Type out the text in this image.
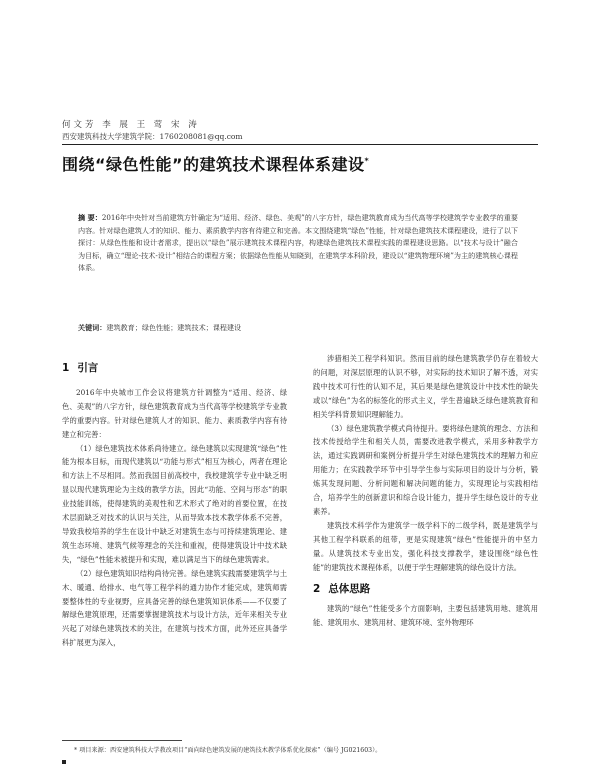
何文芳 李 展 王 莺 宋 涛
西安建筑科技大学建筑学院：1760208081@qq.com
围绕“绿色性能”的建筑技术课程体系建设*
摘 要：2016年中央针对当前建筑方针确定为“适用、经济、绿色、美观”的八字方针，绿色建筑教育成为当代高等学校建筑学专业教学的重要内容。针对绿色建筑人才的知识、能力、素质教学内容有待建立和完善。本文围绕建筑“绿色”性能，针对绿色建筑技术课程建设，进行了以下探讨：从绿色性能和设计者需求，提出以“绿色”展示建筑技术课程内容，构建绿色建筑技术课程实践的课程建设思路。以“技术与设计”融合为目标，确立“理论-技术-设计”相结合的课程方案；依据绿色性能从知晓到，在建筑学本科阶段，建设以“建筑物理环境”为主的建筑核心课程体系。
关键词：建筑教育；绿色性能；建筑技术；课程建设
1 引言

2016年中央城市工作会议将建筑方针调整为“适用、经济、绿色、美观”的八字方针，绿色建筑教育成为当代高等学校建筑学专业教学的重要内容。针对绿色建筑人才的知识、能力、素质教学内容有待建立和完善：

（1）绿色建筑技术体系尚待建立。绿色建筑以实现建筑“绿色”性能为根本目标，而现代建筑以“功能与形式”相互为核心，两者在理论和方法上不尽相同。然而我国目前高校中，我校建筑学专业中缺乏明显以现代建筑理论为主线的教学方法，因此“功能、空间与形态”的职业技能训练，使得建筑的美观性和艺术形式了绝对的首要位置，在技术层面缺乏对技术的认识与关注，从而导致本技术教学体系不完善，导致我校培养的学生在设计中缺乏对建筑生态与可持续建筑理论、建筑生态环境、建筑气候等理念的关注和重视，使得建筑设计中技术缺失，“绿色”性能未被提升和实现，难以满足当下的绿色建筑需求。

（2）绿色建筑知识结构尚待完善。绿色建筑实践需要建筑学与土木、暖通、给排水、电气等工程学科的通力协作才能完成，建筑师需要整体性的专业视野，应具备完善的绿色建筑知识体系——不仅要了解绿色建筑原理，还需要掌握建筑技术与设计方法，近年来相关专业兴起了对绿色建筑技术的关注，在建筑与技术方面，此外还应具备学科扩展更为深入，

涉猎相关工程学科知识。然而目前的绿色建筑教学仍存在着较大的问题，对深层原理的认识不够，对实际的技术知识了解不透，对实践中技术可行性的认知不足，其后果是绿色建筑设计中技术性的缺失或以“绿色”为名的标签化的形式主义，学生普遍缺乏绿色建筑教育和相关学科背景知识理解能力。

（3）绿色建筑教学模式尚待提升。要将绿色建筑的理念、方法和技术传授给学生和相关人员，需要改进教学模式，采用多种教学方法，通过实践调研和案例分析提升学生对绿色建筑技术的理解力和应用能力；在实践教学环节中引导学生参与实际项目的设计与分析，锻炼其发现问题、分析问题和解决问题的能力，实现理论与实践相结合，培养学生的创新意识和综合设计能力，提升学生绿色设计的专业素养。

建筑技术科学作为建筑学一级学科下的二级学科，既是建筑学与其他工程学科联系的纽带，更是实现建筑“绿色”性能提升的中坚力量。从建筑技术专业出发，强化科技支撑教学，建设围绕“绿色性能”的建筑技术课程体系，以便于学生理解建筑的绿色设计方法。

2 总体思路

建筑的“绿色”性能受多个方面影响，主要包括建筑用地、建筑用能、建筑用水、建筑用材、建筑环境、室外物理环

* 项目来源：西安建筑科技大学教改项目“面向绿色建筑发展的建筑技术教学体系优化探索”（编号 JG021603）。
